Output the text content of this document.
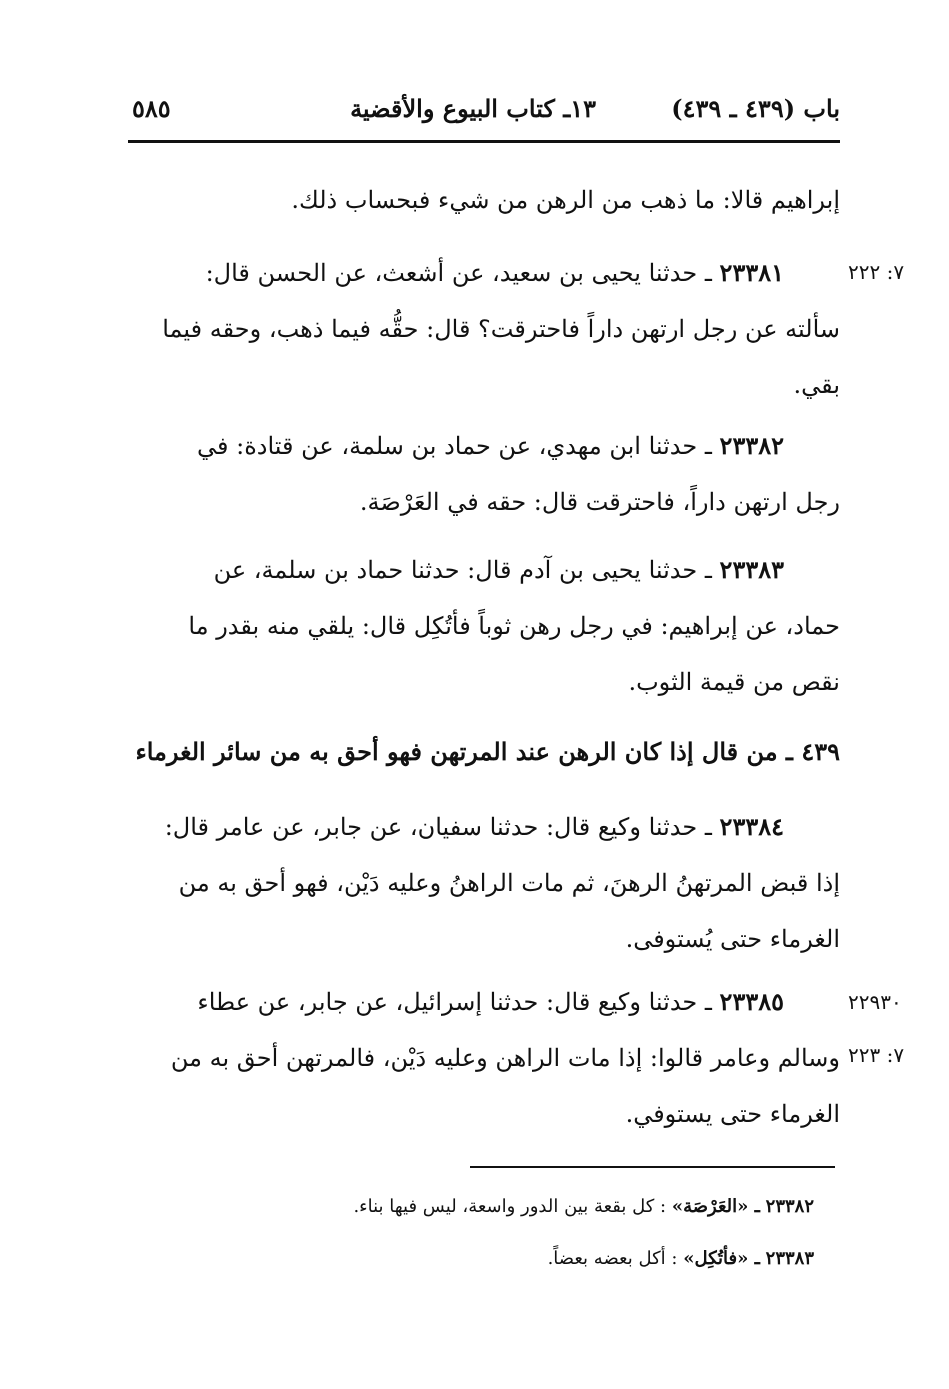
باب (٤٣٩ ـ ٤٣٩)         ١٣ـ كتاب البيوع والأقضية
٥٨٥
إبراهيم قالا: ما ذهب من الرهن من شيء فبحساب ذلك.
٧: ٢٢٢
٢٣٣٨١ ـ حدثنا يحيى بن سعيد، عن أشعث، عن الحسن قال:
سألته عن رجل ارتهن داراً فاحترقت؟ قال: حقُّه فيما ذهب، وحقه فيما
بقي.
٢٣٣٨٢ ـ حدثنا ابن مهدي، عن حماد بن سلمة، عن قتادة: في
رجل ارتهن داراً، فاحترقت قال: حقه في العَرْصَة.
٢٣٣٨٣ ـ حدثنا يحيى بن آدم قال: حدثنا حماد بن سلمة، عن
حماد، عن إبراهيم: في رجل رهن ثوباً فأتُكِل قال: يلقي منه بقدر ما
نقص من قيمة الثوب.
٤٣٩ ـ من قال إذا كان الرهن عند المرتهن فهو أحق به من سائر الغرماء
٢٣٣٨٤ ـ حدثنا وكيع قال: حدثنا سفيان، عن جابر، عن عامر قال:
إذا قبض المرتهنُ الرهنَ، ثم مات الراهنُ وعليه دَيْن، فهو أحق به من
الغرماء حتى يُستوفى.
٢٢٩٣٠
٧: ٢٢٣
٢٣٣٨٥ ـ حدثنا وكيع قال: حدثنا إسرائيل، عن جابر، عن عطاء
وسالم وعامر قالوا: إذا مات الراهن وعليه دَيْن، فالمرتهن أحق به من
الغرماء حتى يستوفي.
٢٣٣٨٢ ـ «العَرْصَة» : كل بقعة بين الدور واسعة، ليس فيها بناء.
٢٣٣٨٣ ـ «فأتُكِل» : أكل بعضه بعضاً.
